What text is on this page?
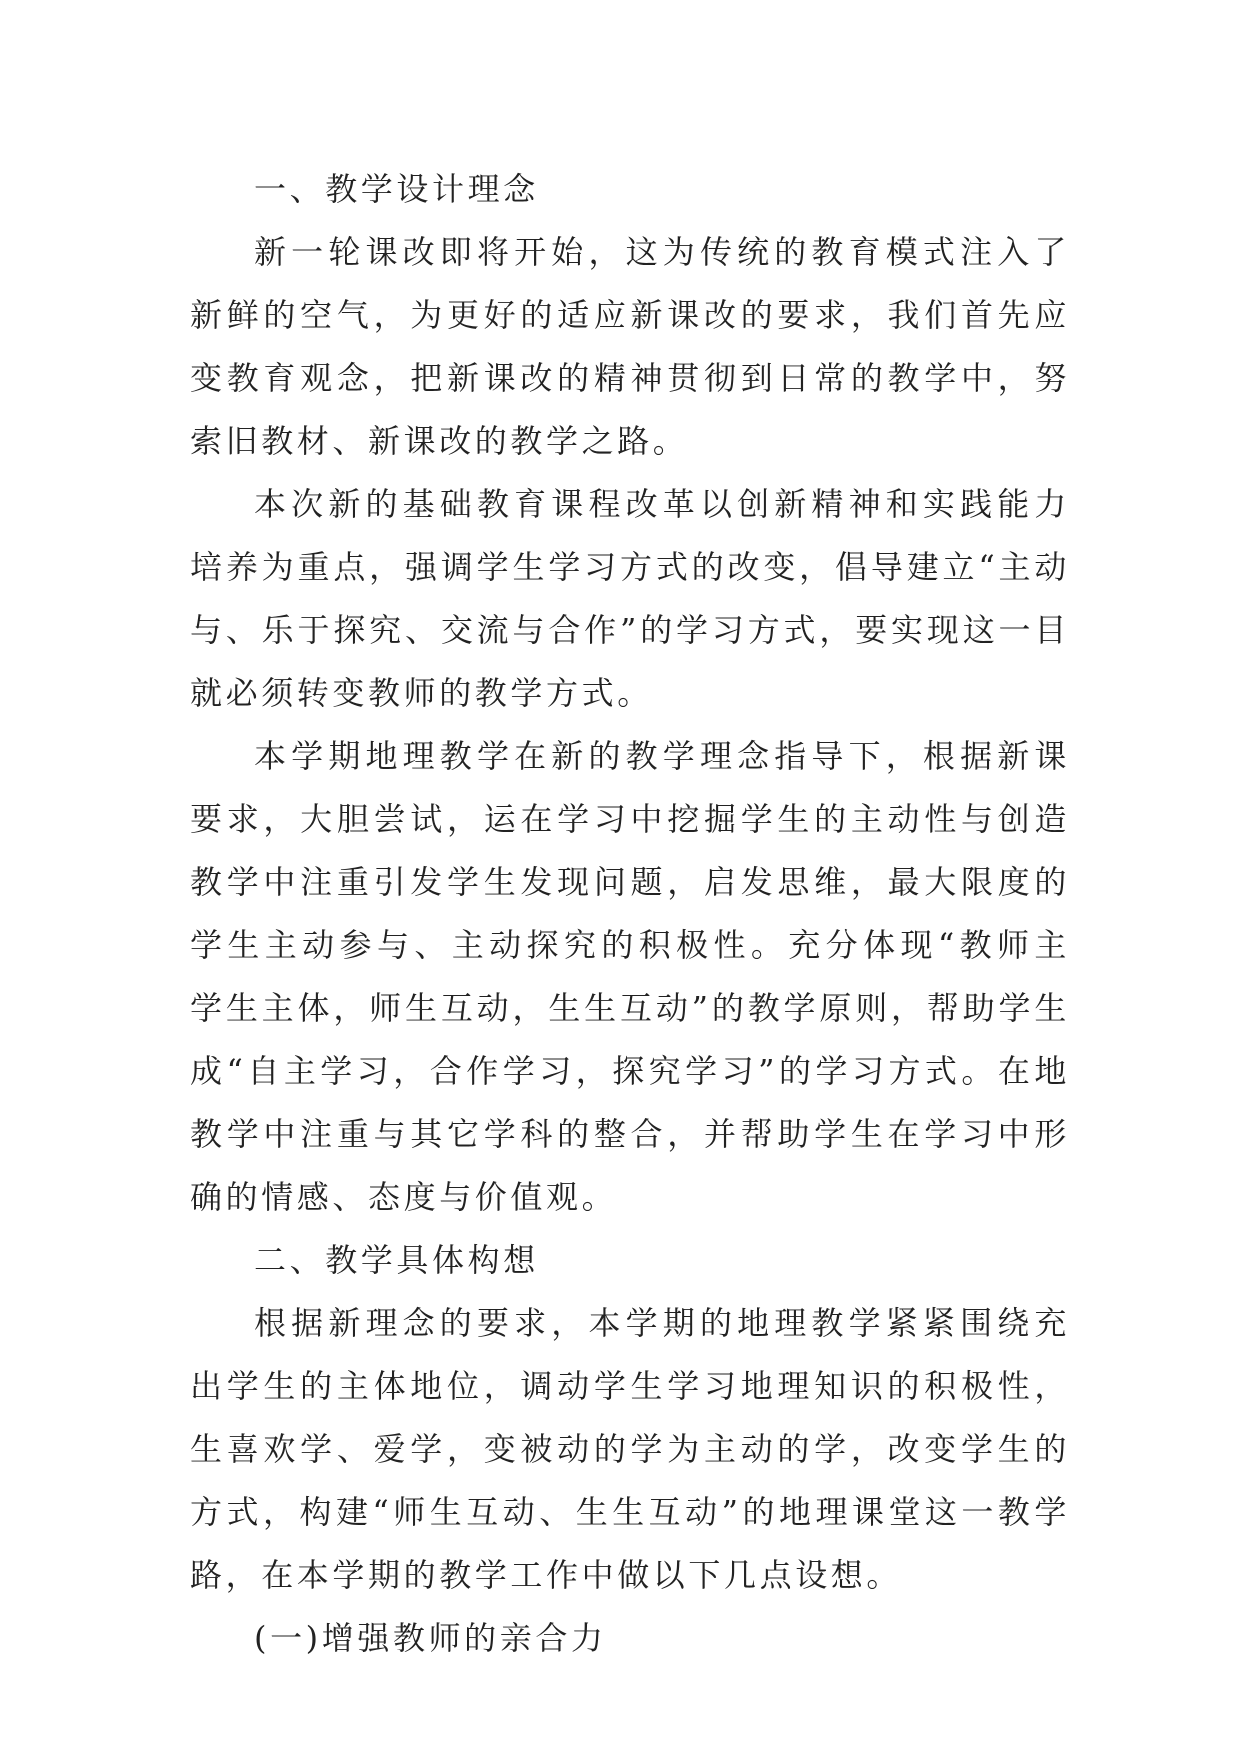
一、教学设计理念
新一轮课改即将开始，这为传统的教育模式注入了
新鲜的空气，为更好的适应新课改的要求，我们首先应
变教育观念，把新课改的精神贯彻到日常的教学中，努
索旧教材、新课改的教学之路。
本次新的基础教育课程改革以创新精神和实践能力
培养为重点，强调学生学习方式的改变，倡导建立“主动
与、乐于探究、交流与合作”的学习方式，要实现这一目
就必须转变教师的教学方式。
本学期地理教学在新的教学理念指导下，根据新课
要求，大胆尝试，运在学习中挖掘学生的主动性与创造
教学中注重引发学生发现问题，启发思维，最大限度的
学生主动参与、主动探究的积极性。充分体现“教师主
学生主体，师生互动，生生互动”的教学原则，帮助学生
成“自主学习，合作学习，探究学习”的学习方式。在地
教学中注重与其它学科的整合，并帮助学生在学习中形
确的情感、态度与价值观。
二、教学具体构想
根据新理念的要求，本学期的地理教学紧紧围绕充
出学生的主体地位，调动学生学习地理知识的积极性，
生喜欢学、爱学，变被动的学为主动的学，改变学生的
方式，构建“师生互动、生生互动”的地理课堂这一教学
路，在本学期的教学工作中做以下几点设想。
(一)增强教师的亲合力
